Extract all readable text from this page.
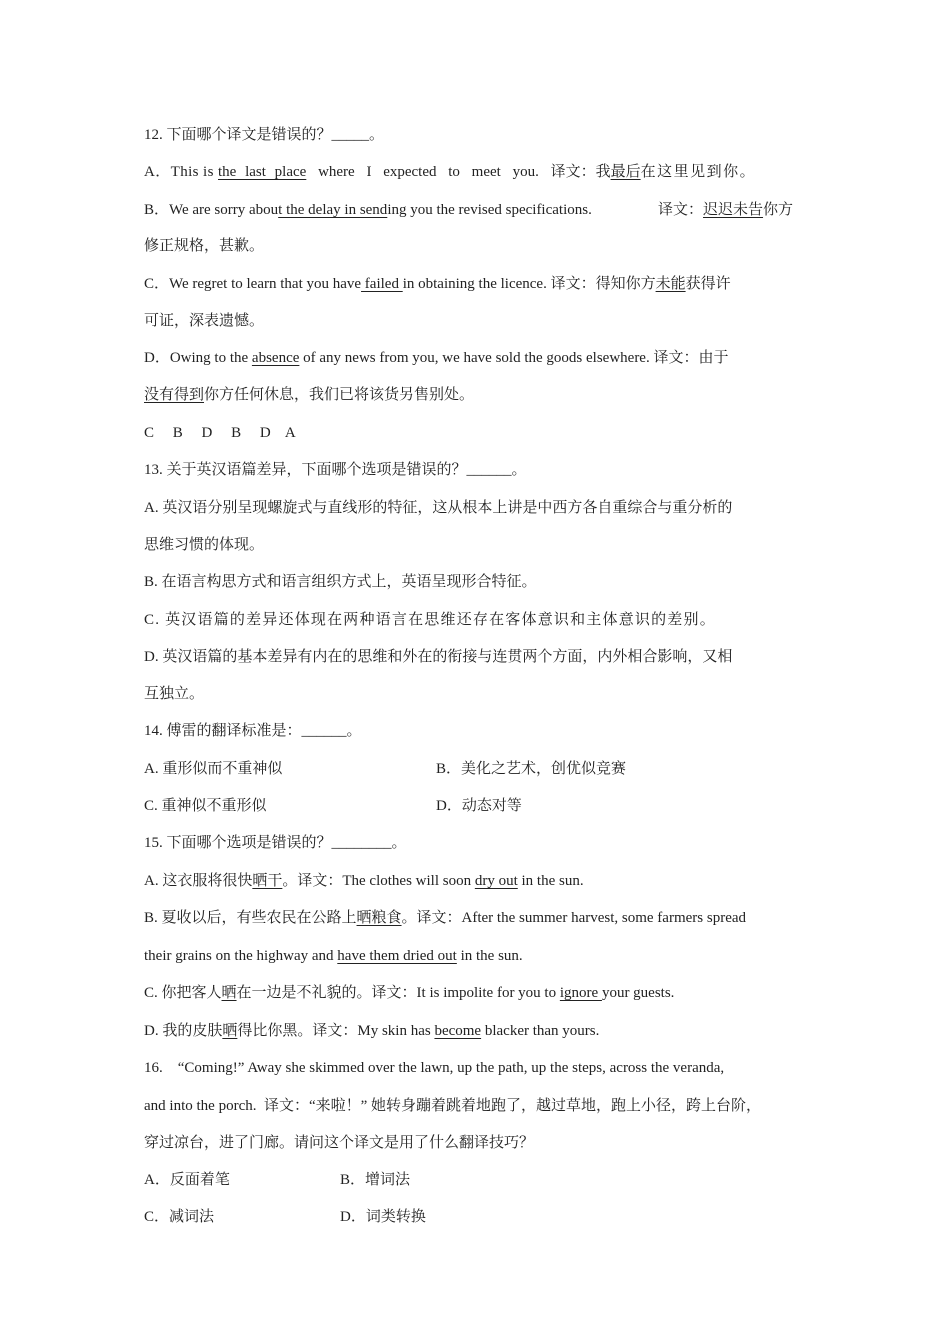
12. 下面哪个译文是错误的？_____。
A．This is the last place where I expected to meet you. 译文：我最后在这里见到你。
B．We are sorry about the delay in sending you the revised specifications.	译文：迟迟未告你方
修正规格，甚歉。
C．We regret to learn that you have failed in obtaining the licence. 译文：得知你方未能获得许
可证，深表遗憾。
D．Owing to the absence of any news from you, we have sold the goods elsewhere. 译文：由于
没有得到你方任何休息，我们已将该货另售别处。
C     B     D     B     D    A
13. 关于英汉语篇差异，下面哪个选项是错误的？______。
A. 英汉语分别呈现螺旋式与直线形的特征，这从根本上讲是中西方各自重综合与重分析的
思维习惯的体现。
B. 在语言构思方式和语言组织方式上，英语呈现形合特征。
C. 英汉语篇的差异还体现在两种语言在思维还存在客体意识和主体意识的差别。
D. 英汉语篇的基本差异有内在的思维和外在的衔接与连贯两个方面，内外相合影响，又相
互独立。
14. 傅雷的翻译标准是：______。
A. 重形似而不重神似	B．美化之艺术，创优似竞赛
C. 重神似不重形似	D．动态对等
15. 下面哪个选项是错误的？________。
A. 这衣服将很快晒干。译文：The clothes will soon dry out in the sun.
B. 夏收以后，有些农民在公路上晒粮食。译文：After the summer harvest, some farmers spread
their grains on the highway and have them dried out in the sun.
C. 你把客人晒在一边是不礼貌的。译文：It is impolite for you to ignore your guests.
D. 我的皮肤晒得比你黑。译文：My skin has become blacker than yours.
16.    “Coming!” Away she skimmed over the lawn, up the path, up the steps, across the veranda,
and into the porch.  译文：“来啦！” 她转身蹦着跳着地跑了，越过草地，跑上小径，跨上台阶，
穿过凉台，进了门廊。请问这个译文是用了什么翻译技巧？
A．反面着笔	B．增词法
C．减词法	D．词类转换
